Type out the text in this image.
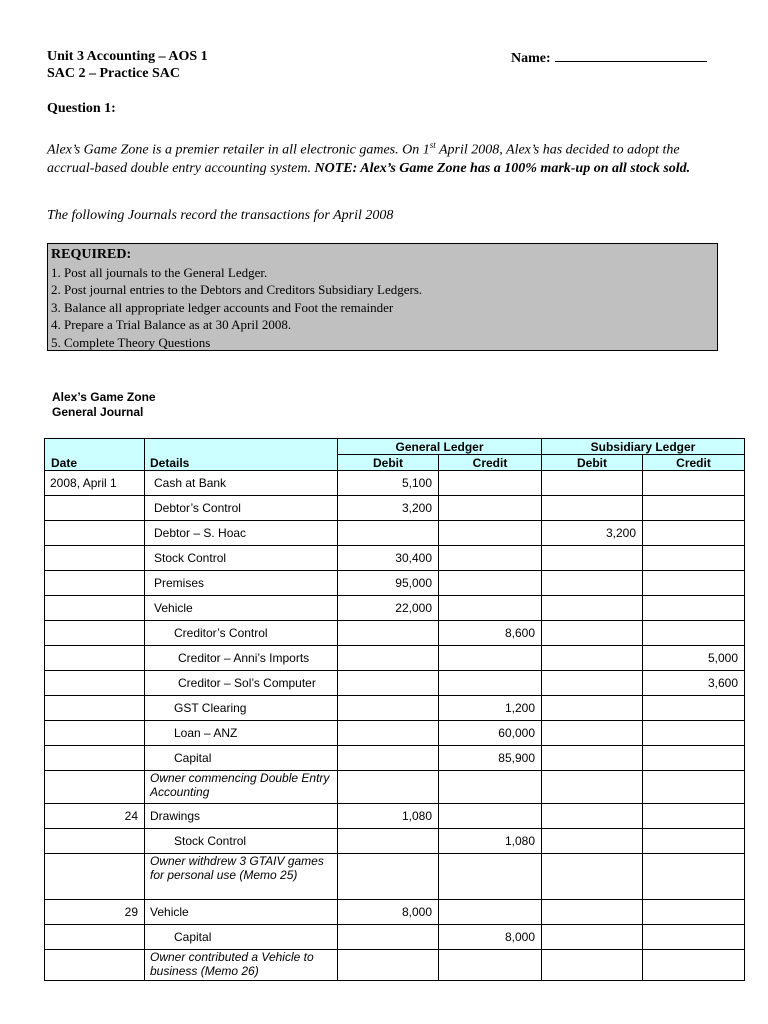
Unit 3 Accounting – AOS 1
SAC 2 – Practice SAC
Name:
Question 1:
Alex’s Game Zone is a premier retailer in all electronic games. On 1st April 2008, Alex’s has decided to adopt the accrual-based double entry accounting system. NOTE: Alex’s Game Zone has a 100% mark-up on all stock sold.
The following Journals record the transactions for April 2008
REQUIRED:
1. Post all journals to the General Ledger.
2. Post journal entries to the Debtors and Creditors Subsidiary Ledgers.
3. Balance all appropriate ledger accounts and Foot the remainder
4. Prepare a Trial Balance as at 30 April 2008.
5. Complete Theory Questions
Alex’s Game Zone
General Journal
Date	Details	General Ledger		Subsidiary Ledger	
		Debit	Credit	Debit	Credit
2008, April 1	Cash at Bank	5,100			
	Debtor’s Control	3,200			
	Debtor – S. Hoac			3,200	
	Stock Control	30,400			
	Premises	95,000			
	Vehicle	22,000			
	Creditor’s Control		8,600		
	Creditor – Anni’s Imports				5,000
	Creditor – Sol’s Computer				3,600
	GST Clearing		1,200		
	Loan – ANZ		60,000		
	Capital		85,900		
	Owner commencing Double Entry Accounting				
24	Drawings	1,080			
	Stock Control		1,080		
	Owner withdrew 3 GTAIV games for personal use (Memo 25)				
29	Vehicle	8,000			
	Capital		8,000		
	Owner contributed a Vehicle to business (Memo 26)				
